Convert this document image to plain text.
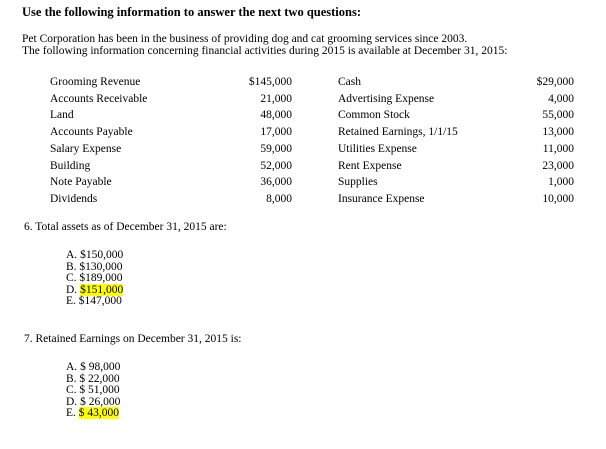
Use the following information to answer the next two questions:
Pet Corporation has been in the business of providing dog and cat grooming services since 2003.
The following information concerning financial activities during 2015 is available at December 31, 2015:
Grooming Revenue	$145,000		Cash	$29,000
Accounts Receivable	21,000		Advertising Expense	4,000
Land	48,000		Common Stock	55,000
Accounts Payable	17,000		Retained Earnings, 1/1/15	13,000
Salary Expense	59,000		Utilities Expense	11,000
Building	52,000		Rent Expense	23,000
Note Payable	36,000		Supplies	1,000
Dividends	8,000		Insurance Expense	10,000
6. Total assets as of December 31, 2015 are:
A. $150,000
B. $130,000
C. $189,000
D. $151,000
E. $147,000
7. Retained Earnings on December 31, 2015 is:
A. $ 98,000
B. $ 22,000
C. $ 51,000
D. $ 26,000
E. $ 43,000
